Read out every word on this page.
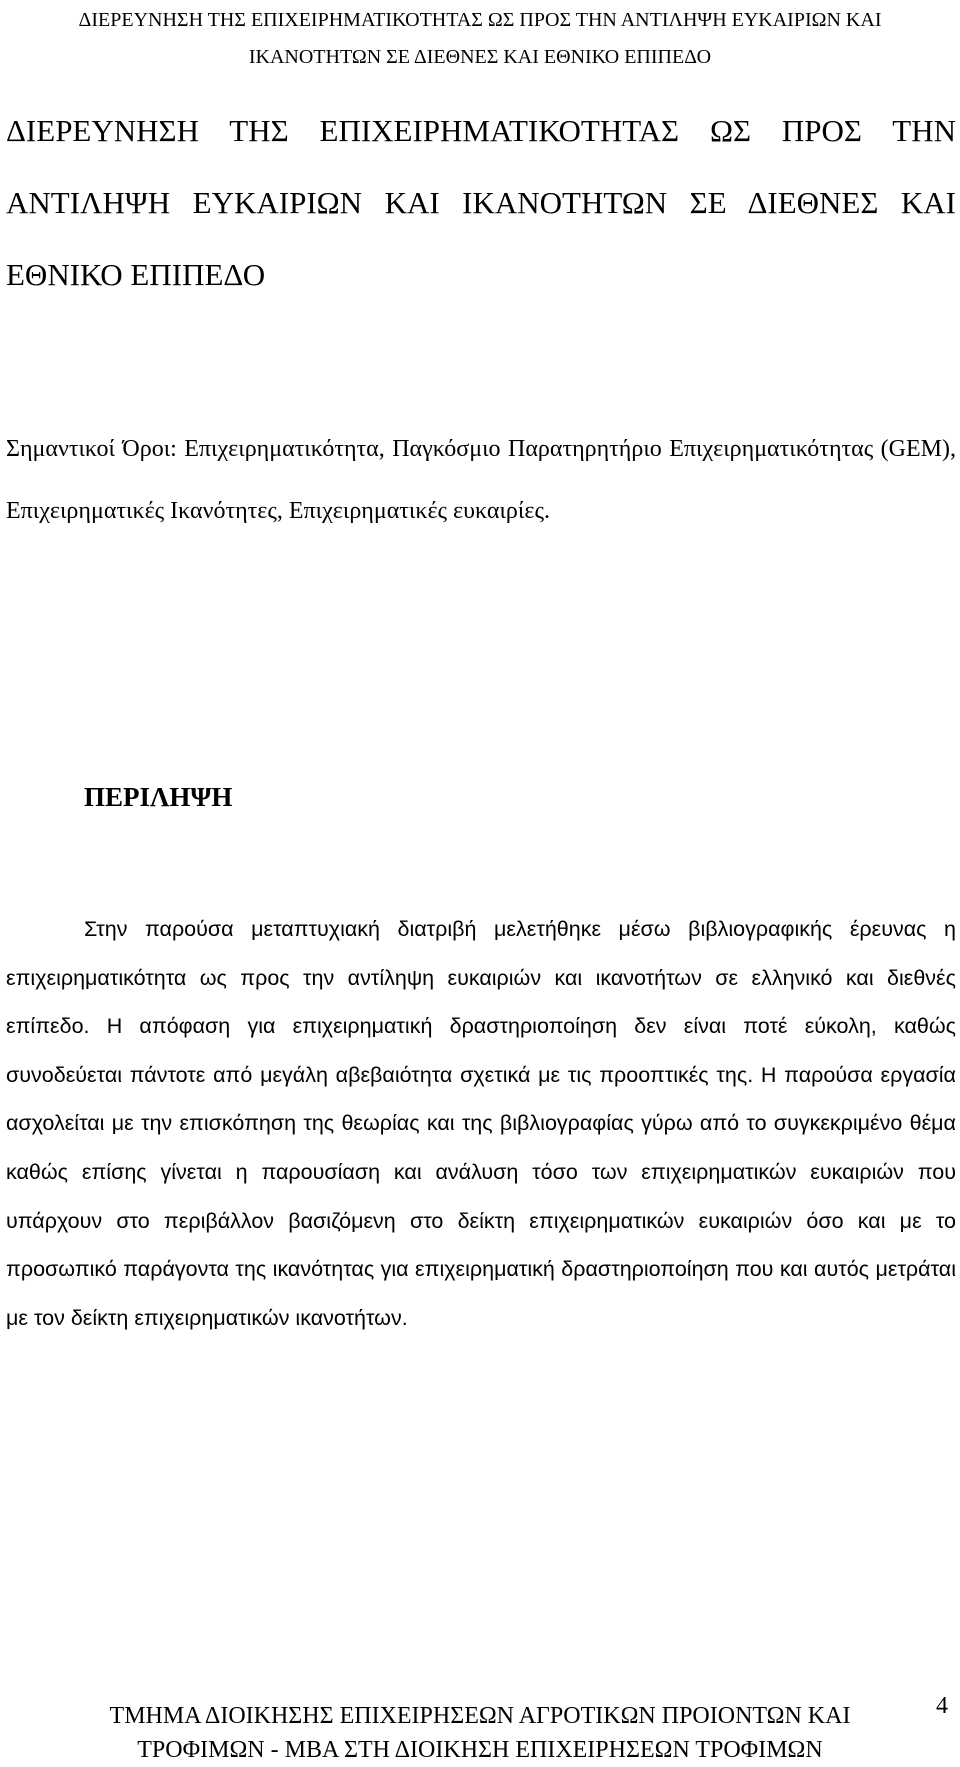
ΔΙΕΡΕΥΝΗΣΗ ΤΗΣ ΕΠΙΧΕΙΡΗΜΑΤΙΚΟΤΗΤΑΣ ΩΣ ΠΡΟΣ ΤΗΝ ΑΝΤΙΛΗΨΗ ΕΥΚΑΙΡΙΩΝ ΚΑΙ
ΙΚΑΝΟΤΗΤΩΝ ΣΕ ΔΙΕΘΝΕΣ ΚΑΙ ΕΘΝΙΚΟ ΕΠΙΠΕΔΟ
ΔΙΕΡΕΥΝΗΣΗ ΤΗΣ ΕΠΙΧΕΙΡΗΜΑΤΙΚΟΤΗΤΑΣ ΩΣ ΠΡΟΣ ΤΗΝ ΑΝΤΙΛΗΨΗ ΕΥΚΑΙΡΙΩΝ ΚΑΙ ΙΚΑΝΟΤΗΤΩΝ ΣΕ ΔΙΕΘΝΕΣ ΚΑΙ ΕΘΝΙΚΟ ΕΠΙΠΕΔΟ
Σημαντικοί Όροι: Επιχειρηματικότητα, Παγκόσμιο Παρατηρητήριο Επιχειρηματικότητας (GEM), Επιχειρηματικές Ικανότητες, Επιχειρηματικές ευκαιρίες.
ΠΕΡΙΛΗΨΗ
Στην παρούσα μεταπτυχιακή διατριβή μελετήθηκε μέσω βιβλιογραφικής έρευνας η επιχειρηματικότητα ως προς την αντίληψη ευκαιριών και ικανοτήτων σε ελληνικό και διεθνές επίπεδο. Η απόφαση για επιχειρηματική δραστηριοποίηση δεν είναι ποτέ εύκολη, καθώς συνοδεύεται πάντοτε από μεγάλη αβεβαιότητα σχετικά με τις προοπτικές της. Η παρούσα εργασία ασχολείται με την επισκόπηση της θεωρίας και της βιβλιογραφίας γύρω από το συγκεκριμένο θέμα καθώς επίσης γίνεται η παρουσίαση και ανάλυση τόσο των επιχειρηματικών ευκαιριών που υπάρχουν στο περιβάλλον βασιζόμενη στο δείκτη επιχειρηματικών ευκαιριών όσο και με το προσωπικό παράγοντα της ικανότητας για επιχειρηματική δραστηριοποίηση που και αυτός μετράται με τον δείκτη επιχειρηματικών ικανοτήτων.
4
ΤΜΗΜΑ ΔΙΟΙΚΗΣΗΣ ΕΠΙΧΕΙΡΗΣΕΩΝ ΑΓΡΟΤΙΚΩΝ ΠΡΟΙΟΝΤΩΝ ΚΑΙ
ΤΡΟΦΙΜΩΝ - ΜΒΑ ΣΤΗ ΔΙΟΙΚΗΣΗ ΕΠΙΧΕΙΡΗΣΕΩΝ ΤΡΟΦΙΜΩΝ
